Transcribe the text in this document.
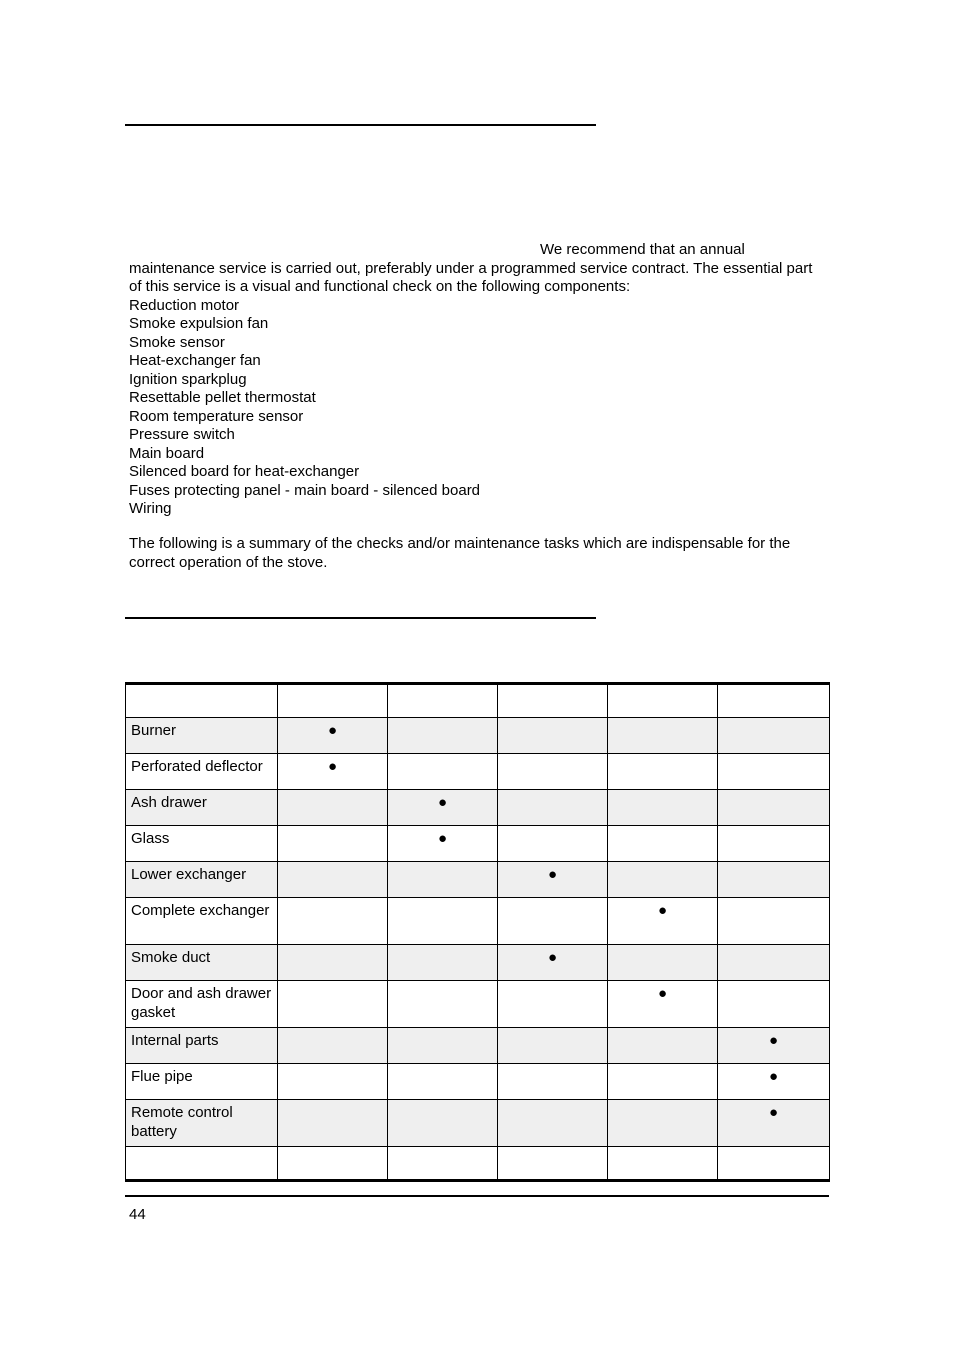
We recommend that an annual

maintenance service is carried out, preferably under a programmed service contract. The essential part of this service is a visual and functional check on the following components:

Reduction motor
Smoke expulsion fan
Smoke sensor
Heat-exchanger fan
Ignition sparkplug
Resettable pellet thermostat
Room temperature sensor
Pressure switch
Main board
Silenced board for heat-exchanger
Fuses protecting panel - main board - silenced board
Wiring

The following is a summary of the checks and/or maintenance tasks which are indispensable for the correct operation of the stove.

Burner	●				
Perforated deflector	●				
Ash drawer		●			
Glass		●			
Lower exchanger			●		
Complete exchanger				●	
Smoke duct			●		
Door and ash drawer gasket				●	
Internal parts					●
Flue pipe					●
Remote control battery					●

44
